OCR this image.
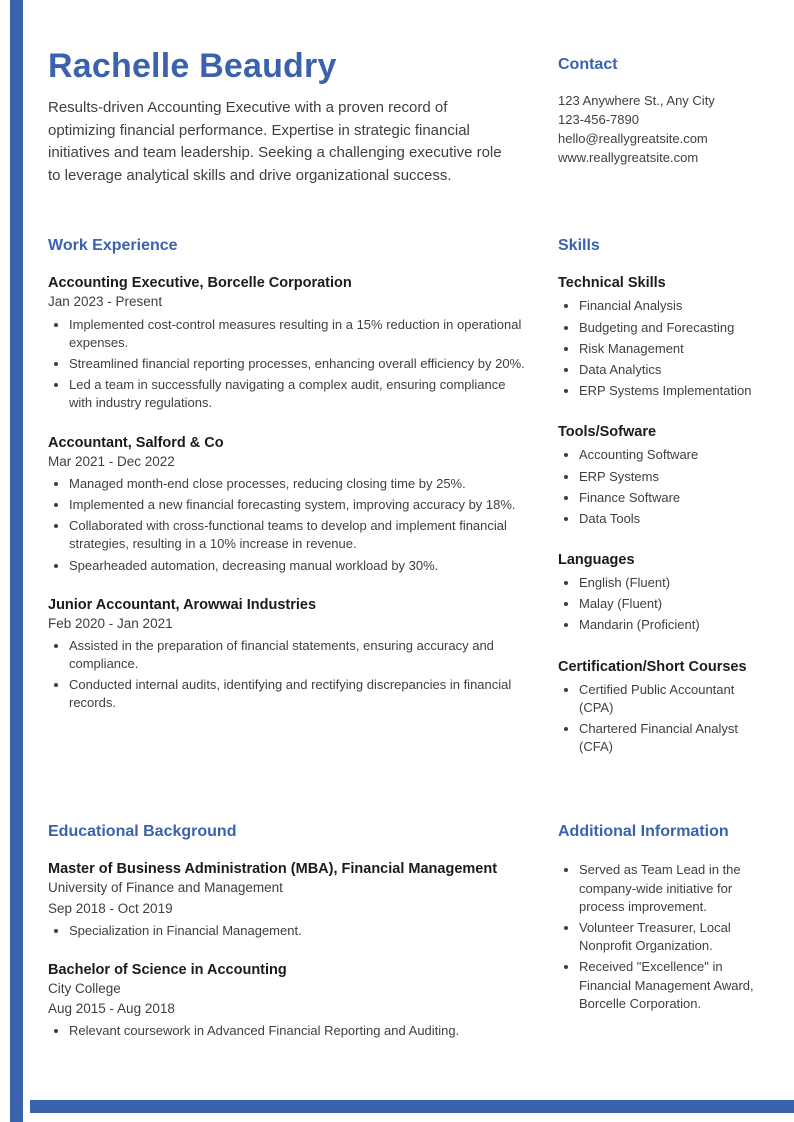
Rachelle Beaudry

Results-driven Accounting Executive with a proven record of optimizing financial performance. Expertise in strategic financial initiatives and team leadership. Seeking a challenging executive role to leverage analytical skills and drive organizational success.

Contact

123 Anywhere St., Any City

123-456-7890

hello@reallygreatsite.com

www.reallygreatsite.com

Work Experience
Accounting Executive, Borcelle Corporation

Jan 2023 - Present

• Implemented cost-control measures resulting in a 15% reduction in operational expenses.
• Streamlined financial reporting processes, enhancing overall efficiency by 20%.
• Led a team in successfully navigating a complex audit, ensuring compliance with industry regulations.
Accountant, Salford & Co

Mar 2021 - Dec 2022

• Managed month-end close processes, reducing closing time by 25%.
• Implemented a new financial forecasting system, improving accuracy by 18%.
• Collaborated with cross-functional teams to develop and implement financial strategies, resulting in a 10% increase in revenue.
• Spearheaded automation, decreasing manual workload by 30%.
Junior Accountant, Arowwai Industries

Feb 2020 - Jan 2021

• Assisted in the preparation of financial statements, ensuring accuracy and compliance.
• Conducted internal audits, identifying and rectifying discrepancies in financial records.
Skills
Technical Skills
• Financial Analysis
• Budgeting and Forecasting
• Risk Management
• Data Analytics
• ERP Systems Implementation
Tools/Sofware
• Accounting Software
• ERP Systems
• Finance Software
• Data Tools
Languages
• English (Fluent)
• Malay (Fluent)
• Mandarin (Proficient)
Certification/Short Courses
• Certified Public Accountant (CPA)
• Chartered Financial Analyst (CFA)
Educational Background
Master of Business Administration (MBA), Financial Management

University of Finance and Management

Sep 2018 - Oct 2019

• Specialization in Financial Management.
Bachelor of Science in Accounting

City College

Aug 2015 - Aug 2018

• Relevant coursework in Advanced Financial Reporting and Auditing.
Additional Information
• Served as Team Lead in the company-wide initiative for process improvement.
• Volunteer Treasurer, Local Nonprofit Organization.
• Received "Excellence" in Financial Management Award, Borcelle Corporation.
